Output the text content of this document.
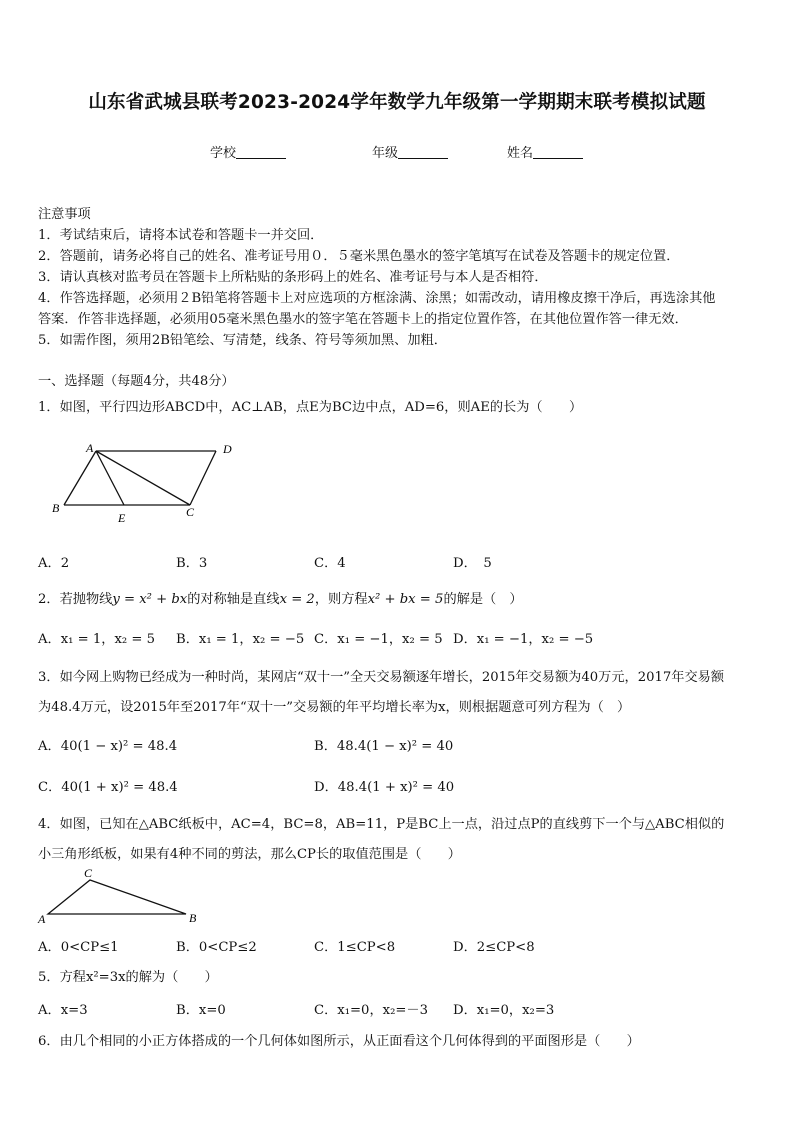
山东省武城县联考2023-2024学年数学九年级第一学期期末联考模拟试题
学校	年级	姓名
注意事项
1．考试结束后，请将本试卷和答题卡一并交回．
2．答题前，请务必将自己的姓名、准考证号用０．５毫米黑色墨水的签字笔填写在试卷及答题卡的规定位置．
3．请认真核对监考员在答题卡上所粘贴的条形码上的姓名、准考证号与本人是否相符．
4．作答选择题，必须用２B铅笔将答题卡上对应选项的方框涂满、涂黑；如需改动，请用橡皮擦干净后，再选涂其他
答案．作答非选择题，必须用05毫米黑色墨水的签字笔在答题卡上的指定位置作答，在其他位置作答一律无效．
5．如需作图，须用2B铅笔绘、写清楚，线条、符号等须加黑、加粗．
一、选择题（每题4分，共48分）
1．如图，平行四边形ABCD中，AC⊥AB，点E为BC边中点，AD=6，则AE的长为（　　）
A	D
B
E	C
A．2	B．3	C．4	D．　5
2．若抛物线y = x² + bx的对称轴是直线x = 2，则方程x² + bx = 5的解是（　）
A．x₁ = 1，x₂ = 5 B．x₁ = 1，x₂ = −5 C．x₁ = −1，x₂ = 5 D．x₁ = −1，x₂ = −5
3．如今网上购物已经成为一种时尚，某网店“双十一”全天交易额逐年增长，2015年交易额为40万元，2017年交易额
为48.4万元，设2015年至2017年“双十一”交易额的年平均增长率为x，则根据题意可列方程为（　）
A．40(1 − x)² = 48.4	B．48.4(1 − x)² = 40
C．40(1 + x)² = 48.4	D．48.4(1 + x)² = 40
4．如图，已知在△ABC纸板中，AC=4，BC=8，AB=11，P是BC上一点，沿过点P的直线剪下一个与△ABC相似的
小三角形纸板，如果有4种不同的剪法，那么CP长的取值范围是（　　）
A
C
B
A．0<CP≤1	B．0<CP≤2	C．1≤CP<8	D．2≤CP<8
5．方程x²=3x的解为（　　）
A．x=3	B．x=0	C．x₁=0，x₂=－3 D．x₁=0，x₂=3
6．由几个相同的小正方体搭成的一个几何体如图所示，从正面看这个几何体得到的平面图形是（　　）
